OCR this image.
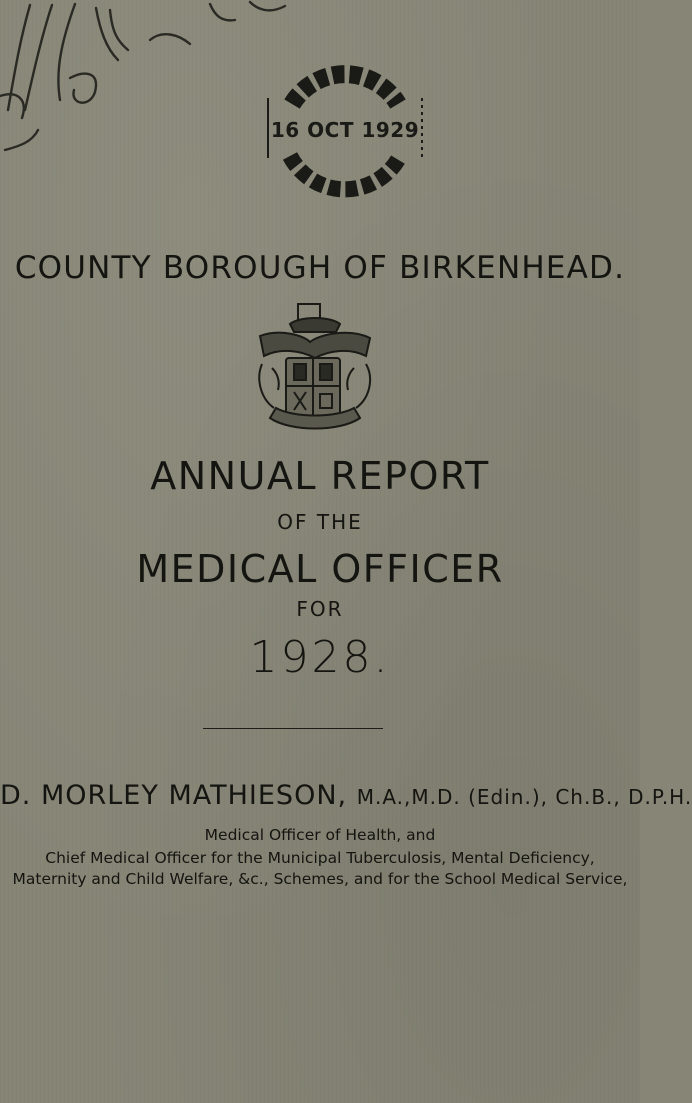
16 OCT 1929

COUNTY BOROUGH OF BIRKENHEAD.

ANNUAL REPORT

OF THE

MEDICAL OFFICER

FOR

1928.

D. MORLEY MATHIESON, M.A.,M.D. (Edin.), Ch.B., D.P.H.

Medical Officer of Health, and

Chief Medical Officer for the Municipal Tuberculosis, Mental Deficiency,

Maternity and Child Welfare, &c., Schemes, and for the School Medical Service,
